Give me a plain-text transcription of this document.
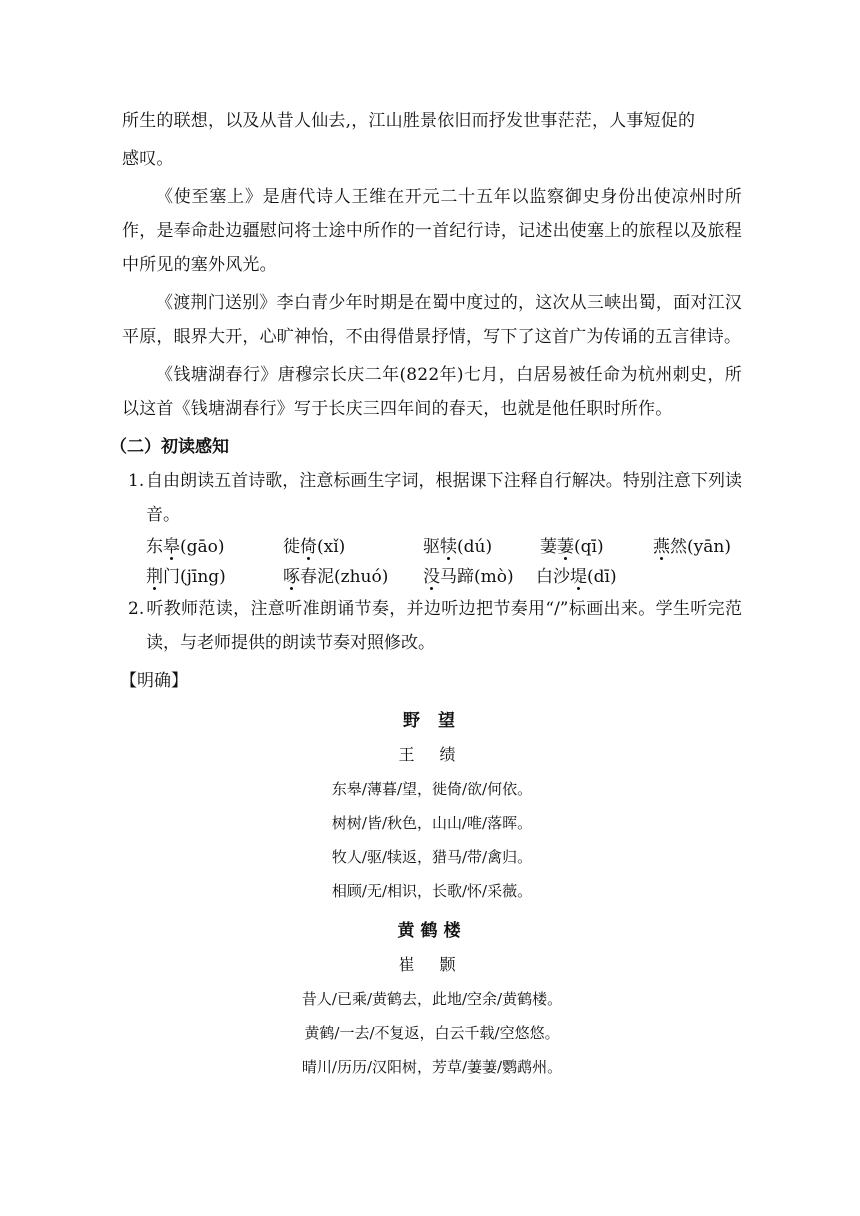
所生的联想，以及从昔人仙去,，江山胜景依旧而抒发世事茫茫，人事短促的

感叹。

《使至塞上》是唐代诗人王维在开元二十五年以监察御史身份出使凉州时所作，是奉命赴边疆慰问将士途中所作的一首纪行诗，记述出使塞上的旅程以及旅程中所见的塞外风光。

《渡荆门送别》李白青少年时期是在蜀中度过的，这次从三峡出蜀，面对江汉平原，眼界大开，心旷神怡，不由得借景抒情，写下了这首广为传诵的五言律诗。

《钱塘湖春行》唐穆宗长庆二年(822年)七月，白居易被任命为杭州刺史，所以这首《钱塘湖春行》写于长庆三四年间的春天，也就是他任职时所作。

（二）初读感知

1. 自由朗读五首诗歌，注意标画生字词，根据课下注释自行解决。特别注意下列读音。

东皋(gāo)	徙倚(xǐ)	驱犊(dú)	萋萋(qī)	燕然(yān)
荆门(jīng)	啄春泥(zhuó)	没马蹄(mò)	白沙堤(dī)

2. 听教师范读，注意听准朗诵节奏，并边听边把节奏用“/”标画出来。学生听完范读，与老师提供的朗读节奏对照修改。

【明确】
野 望
王 绩
东皋/薄暮/望，徙倚/欲/何依。
树树/皆/秋色，山山/唯/落晖。
牧人/驱/犊返，猎马/带/禽归。
相顾/无/相识，长歌/怀/采薇。
黄鹤楼
崔 颢
昔人/已乘/黄鹤去，此地/空余/黄鹤楼。
黄鹤/一去/不复返，白云千载/空悠悠。
晴川/历历/汉阳树，芳草/萋萋/鹦鹉州。
